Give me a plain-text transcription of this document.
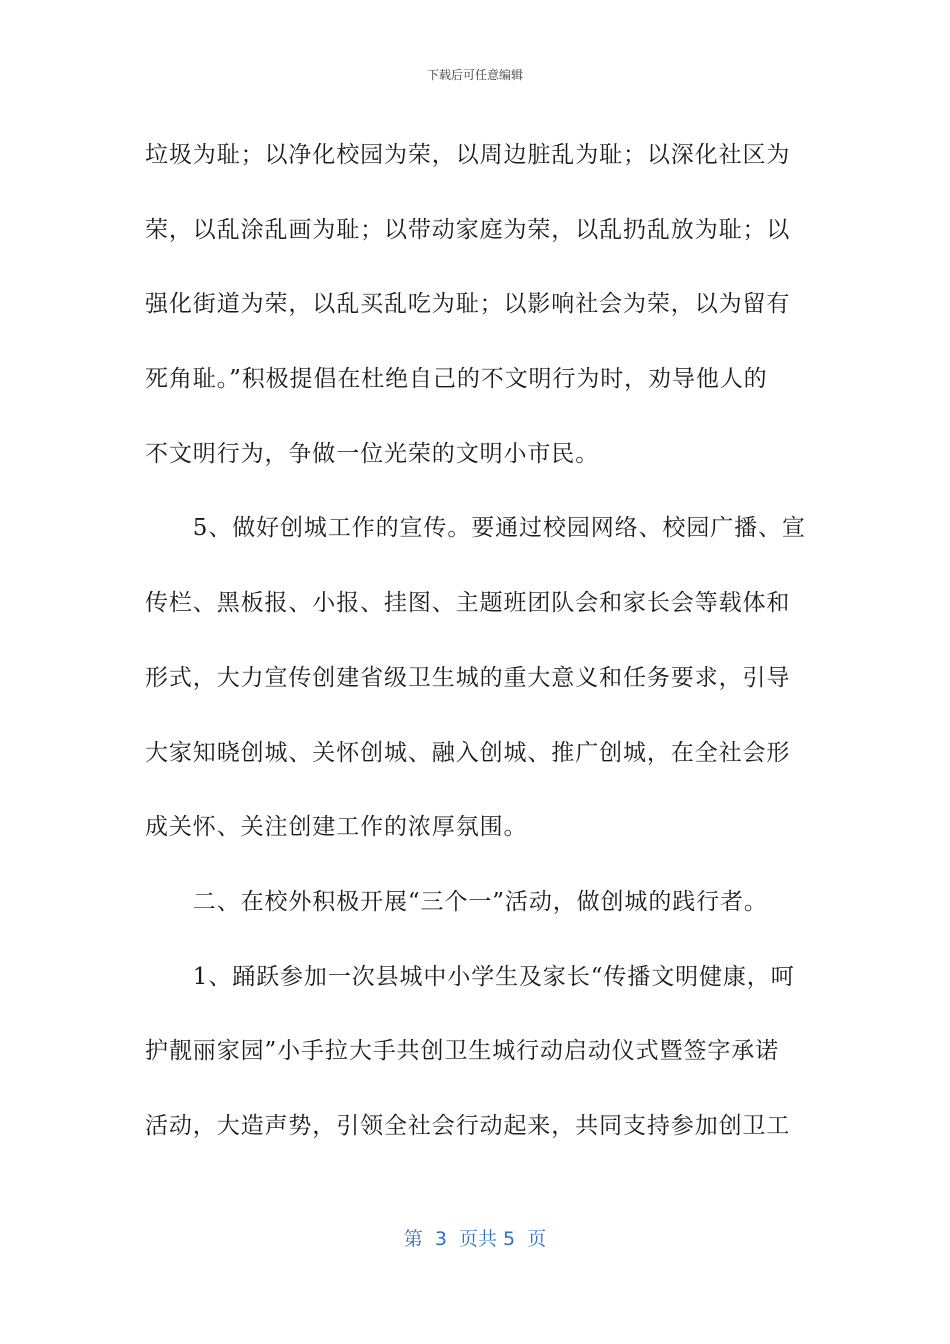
下载后可任意编辑
垃圾为耻；以净化校园为荣，以周边脏乱为耻；以深化社区为
荣，以乱涂乱画为耻；以带动家庭为荣，以乱扔乱放为耻；以
强化街道为荣，以乱买乱吃为耻；以影响社会为荣，以为留有
死角耻。”积极提倡在杜绝自己的不文明行为时，劝导他人的
不文明行为，争做一位光荣的文明小市民。
　　5、做好创城工作的宣传。要通过校园网络、校园广播、宣
传栏、黑板报、小报、挂图、主题班团队会和家长会等载体和
形式，大力宣传创建省级卫生城的重大意义和任务要求，引导
大家知晓创城、关怀创城、融入创城、推广创城，在全社会形
成关怀、关注创建工作的浓厚氛围。
　　二、在校外积极开展“三个一”活动，做创城的践行者。
　　1、踊跃参加一次县城中小学生及家长“传播文明健康，呵
护靓丽家园”小手拉大手共创卫生城行动启动仪式暨签字承诺
活动，大造声势，引领全社会行动起来，共同支持参加创卫工
第  3  页共 5  页
